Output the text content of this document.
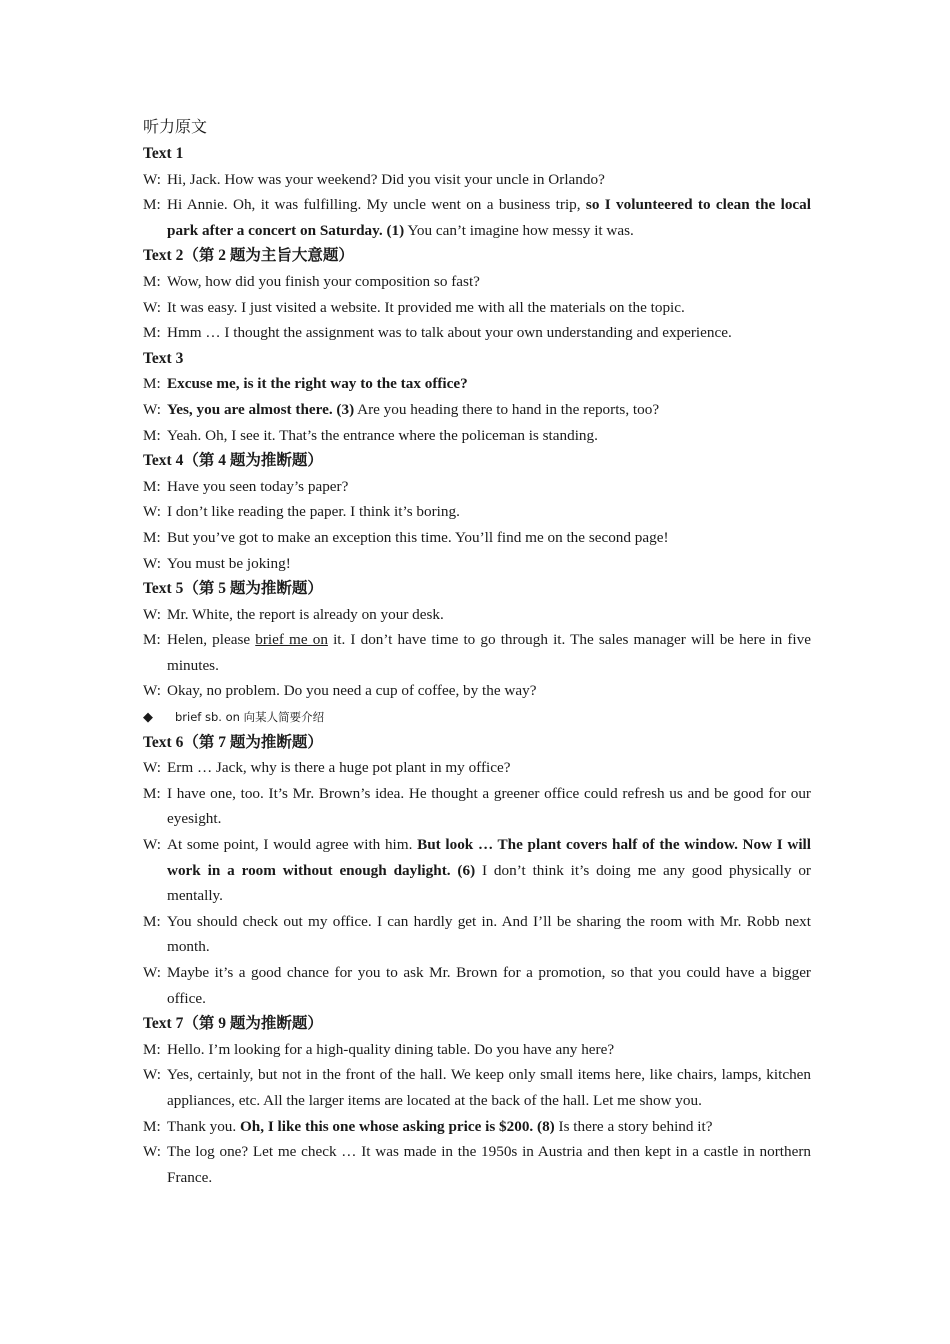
听力原文
Text 1
W: Hi, Jack. How was your weekend? Did you visit your uncle in Orlando?
M: Hi Annie. Oh, it was fulfilling. My uncle went on a business trip, so I volunteered to clean the local park after a concert on Saturday. (1) You can’t imagine how messy it was.
Text 2（第 2 题为主旨大意题）
M: Wow, how did you finish your composition so fast?
W: It was easy. I just visited a website. It provided me with all the materials on the topic.
M: Hmm … I thought the assignment was to talk about your own understanding and experience.
Text 3
M: Excuse me, is it the right way to the tax office?
W: Yes, you are almost there. (3) Are you heading there to hand in the reports, too?
M: Yeah. Oh, I see it. That’s the entrance where the policeman is standing.
Text 4（第 4 题为推断题）
M: Have you seen today’s paper?
W: I don’t like reading the paper. I think it’s boring.
M: But you’ve got to make an exception this time. You’ll find me on the second page!
W: You must be joking!
Text 5（第 5 题为推断题）
W: Mr. White, the report is already on your desk.
M: Helen, please brief me on it. I don’t have time to go through it. The sales manager will be here in five minutes.
W: Okay, no problem. Do you need a cup of coffee, by the way?
◆ brief sb. on 向某人简要介绍
Text 6（第 7 题为推断题）
W: Erm … Jack, why is there a huge pot plant in my office?
M: I have one, too. It’s Mr. Brown’s idea. He thought a greener office could refresh us and be good for our eyesight.
W: At some point, I would agree with him. But look … The plant covers half of the window. Now I will work in a room without enough daylight. (6) I don’t think it’s doing me any good physically or mentally.
M: You should check out my office. I can hardly get in. And I’ll be sharing the room with Mr. Robb next month.
W: Maybe it’s a good chance for you to ask Mr. Brown for a promotion, so that you could have a bigger office.
Text 7（第 9 题为推断题）
M: Hello. I’m looking for a high-quality dining table. Do you have any here?
W: Yes, certainly, but not in the front of the hall. We keep only small items here, like chairs, lamps, kitchen appliances, etc. All the larger items are located at the back of the hall. Let me show you.
M: Thank you. Oh, I like this one whose asking price is $200. (8) Is there a story behind it?
W: The log one? Let me check … It was made in the 1950s in Austria and then kept in a castle in northern France.
